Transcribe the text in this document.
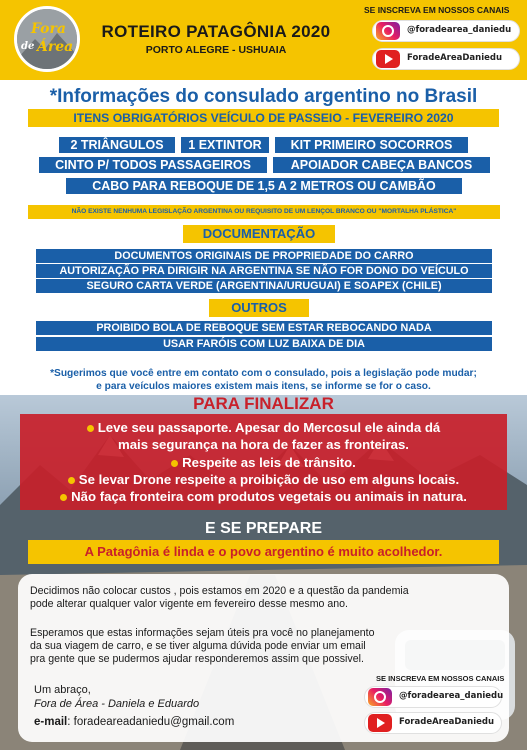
Fora
de Área
ROTEIRO PATAGÔNIA 2020
PORTO ALEGRE - USHUAIA
SE INSCREVA EM NOSSOS CANAIS
@foradearea_daniedu
ForadeAreaDaniedu
*Informações do consulado argentino no Brasil
ITENS OBRIGATÓRIOS VEÍCULO DE PASSEIO - FEVEREIRO 2020
2 TRIÂNGULOS	1 EXTINTOR	KIT PRIMEIRO SOCORROS
CINTO P/ TODOS PASSAGEIROS	APOIADOR CABEÇA BANCOS
CABO PARA REBOQUE DE 1,5 A 2 METROS OU CAMBÃO
NÃO EXISTE NENHUMA LEGISLAÇÃO ARGENTINA OU REQUISITO DE UM LENÇOL BRANCO OU "MORTALHA PLÁSTICA"
DOCUMENTAÇÃO
DOCUMENTOS ORIGINAIS DE PROPRIEDADE DO CARRO
AUTORIZAÇÃO PRA DIRIGIR NA ARGENTINA SE NÃO FOR DONO DO VEÍCULO
SEGURO CARTA VERDE (ARGENTINA/URUGUAI) E SOAPEX (CHILE)
OUTROS
PROIBIDO BOLA DE REBOQUE SEM ESTAR REBOCANDO NADA
USAR FARÓIS COM LUZ BAIXA DE DIA
*Sugerimos que você entre em contato com o consulado, pois a legislação pode mudar;
e para veículos maiores existem mais itens, se informe se for o caso.
PARA FINALIZAR
Leve seu passaporte. Apesar do Mercosul ele ainda dá
mais segurança na hora de fazer as fronteiras.
Respeite as leis de trânsito.
Se levar Drone respeite a proibição de uso em alguns locais.
Não faça fronteira com produtos vegetais ou animais in natura.
E SE PREPARE
A Patagônia é linda e o povo argentino é muito acolhedor.
Decidimos não colocar custos , pois estamos em 2020 e a questão da pandemia
pode alterar qualquer valor vigente em fevereiro desse mesmo ano.
Esperamos que estas informações sejam úteis pra você no planejamento
da sua viagem de carro, e se tiver alguma dúvida pode enviar um email
pra gente que se pudermos ajudar responderemos assim que possivel.
Um abraço,
Fora de Área - Daniela e Eduardo
e-mail: foradeareadaniedu@gmail.com
SE INSCREVA EM NOSSOS CANAIS
@foradearea_daniedu
ForadeAreaDaniedu
